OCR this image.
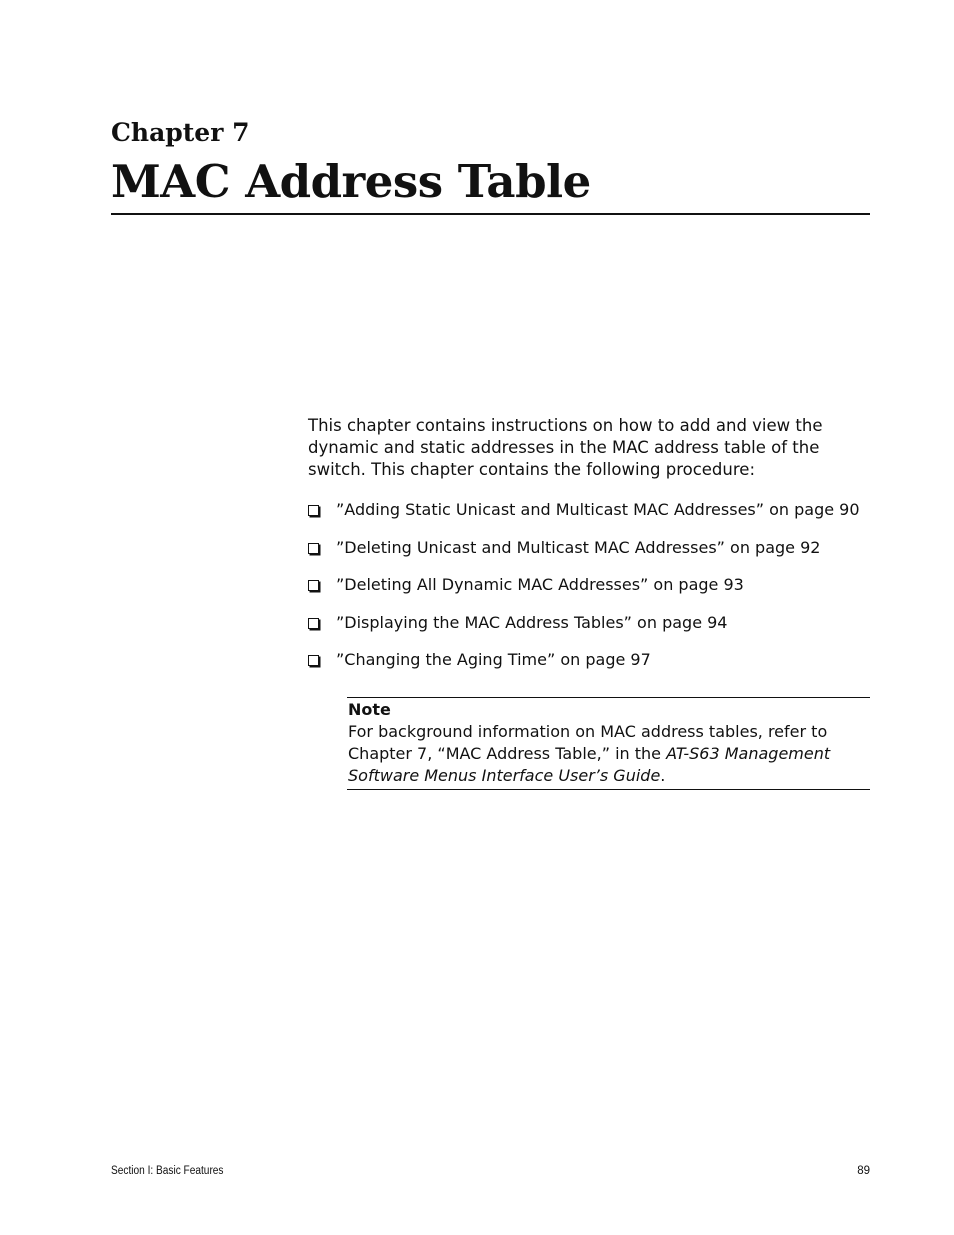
Chapter 7
MAC Address Table

This chapter contains instructions on how to add and view the dynamic and static addresses in the MAC address table of the switch. This chapter contains the following procedure:

”Adding Static Unicast and Multicast MAC Addresses” on page 90
”Deleting Unicast and Multicast MAC Addresses” on page 92
”Deleting All Dynamic MAC Addresses” on page 93
”Displaying the MAC Address Tables” on page 94
”Changing the Aging Time” on page 97

Note

For background information on MAC address tables, refer to Chapter 7, “MAC Address Table,” in the AT-S63 Management Software Menus Interface User’s Guide.

Section I: Basic Features	89
